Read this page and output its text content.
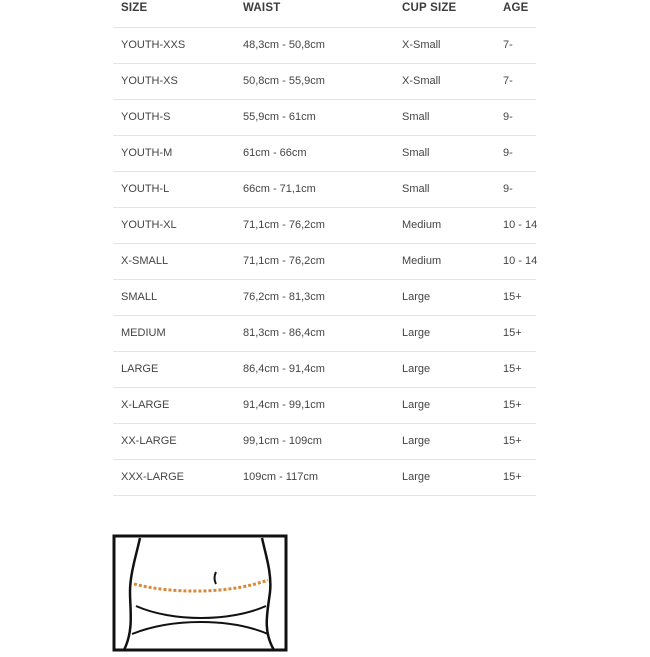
SIZE	WAIST	CUP SIZE	AGE
YOUTH-XXS	48,3cm - 50,8cm	X-Small	7-
YOUTH-XS	50,8cm - 55,9cm	X-Small	7-
YOUTH-S	55,9cm - 61cm	Small	9-
YOUTH-M	61cm - 66cm	Small	9-
YOUTH-L	66cm - 71,1cm	Small	9-
YOUTH-XL	71,1cm - 76,2cm	Medium	10 - 14
X-SMALL	71,1cm - 76,2cm	Medium	10 - 14
SMALL	76,2cm - 81,3cm	Large	15+
MEDIUM	81,3cm - 86,4cm	Large	15+
LARGE	86,4cm - 91,4cm	Large	15+
X-LARGE	91,4cm - 99,1cm	Large	15+
XX-LARGE	99,1cm - 109cm	Large	15+
XXX-LARGE	109cm - 117cm	Large	15+
